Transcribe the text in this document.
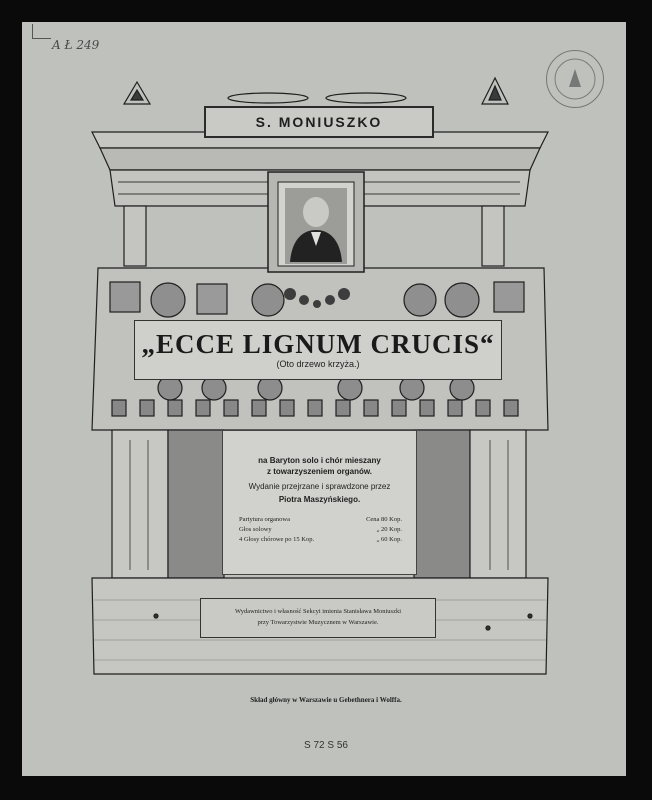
A Ł 249
S. MONIUSZKO
„ECCE LIGNUM CRUCIS“
(Oto drzewo krzyża.)
na Baryton solo i chór mieszany
z towarzyszeniem organów.
Wydanie przejrzane i sprawdzone przez
Piotra Maszyńskiego.
Partytura organowa	Cena 80 Kop.
Głos solowy	„ 20 Kop.
4 Głosy chórowe po 15 Kop.	„ 60 Kop.
Wydawnictwo i własność Sekcyi imienia Stanisława Moniuszki
przy Towarzystwie Muzycznem w Warszawie.
Skład główny w Warszawie u Gebethnera i Wolffa.
S 72 S 56
